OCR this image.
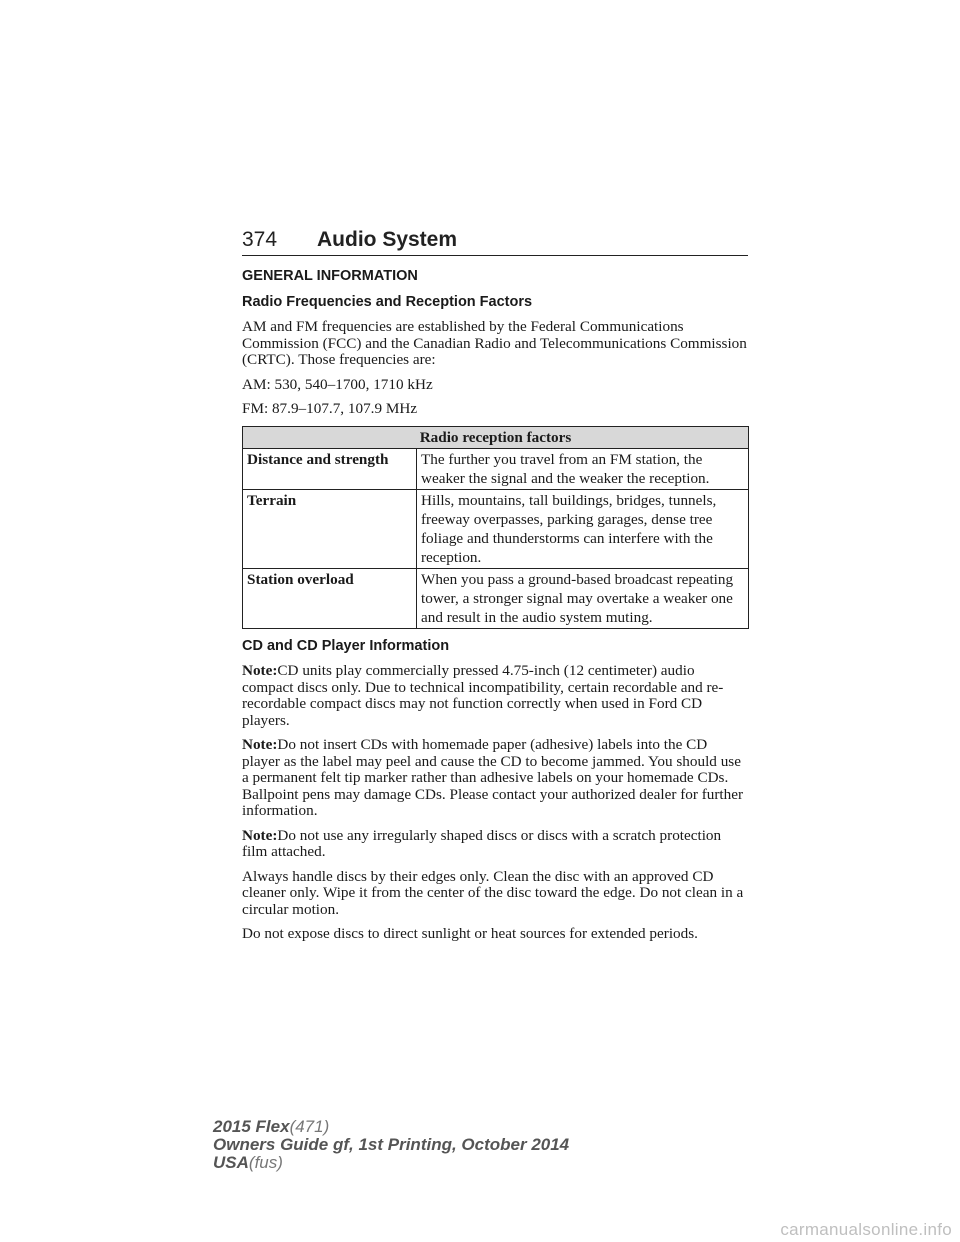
374 Audio System
GENERAL INFORMATION
Radio Frequencies and Reception Factors

AM and FM frequencies are established by the Federal Communications Commission (FCC) and the Canadian Radio and Telecommunications Commission (CRTC). Those frequencies are:

AM: 530, 540–1700, 1710 kHz

FM: 87.9–107.7, 107.9 MHz

Radio reception factors	
Distance and strength	The further you travel from an FM station, the weaker the signal and the weaker the reception.
Terrain	Hills, mountains, tall buildings, bridges, tunnels, freeway overpasses, parking garages, dense tree foliage and thunderstorms can interfere with the reception.
Station overload	When you pass a ground-based broadcast repeating tower, a stronger signal may overtake a weaker one and result in the audio system muting.
CD and CD Player Information

Note:CD units play commercially pressed 4.75-inch (12 centimeter) audio compact discs only. Due to technical incompatibility, certain recordable and re-recordable compact discs may not function correctly when used in Ford CD players.

Note:Do not insert CDs with homemade paper (adhesive) labels into the CD player as the label may peel and cause the CD to become jammed. You should use a permanent felt tip marker rather than adhesive labels on your homemade CDs. Ballpoint pens may damage CDs. Please contact your authorized dealer for further information.

Note:Do not use any irregularly shaped discs or discs with a scratch protection film attached.

Always handle discs by their edges only. Clean the disc with an approved CD cleaner only. Wipe it from the center of the disc toward the edge. Do not clean in a circular motion.

Do not expose discs to direct sunlight or heat sources for extended periods.

2015 Flex(471)
Owners Guide gf, 1st Printing, October 2014
USA(fus)
carmanualsonline.info
